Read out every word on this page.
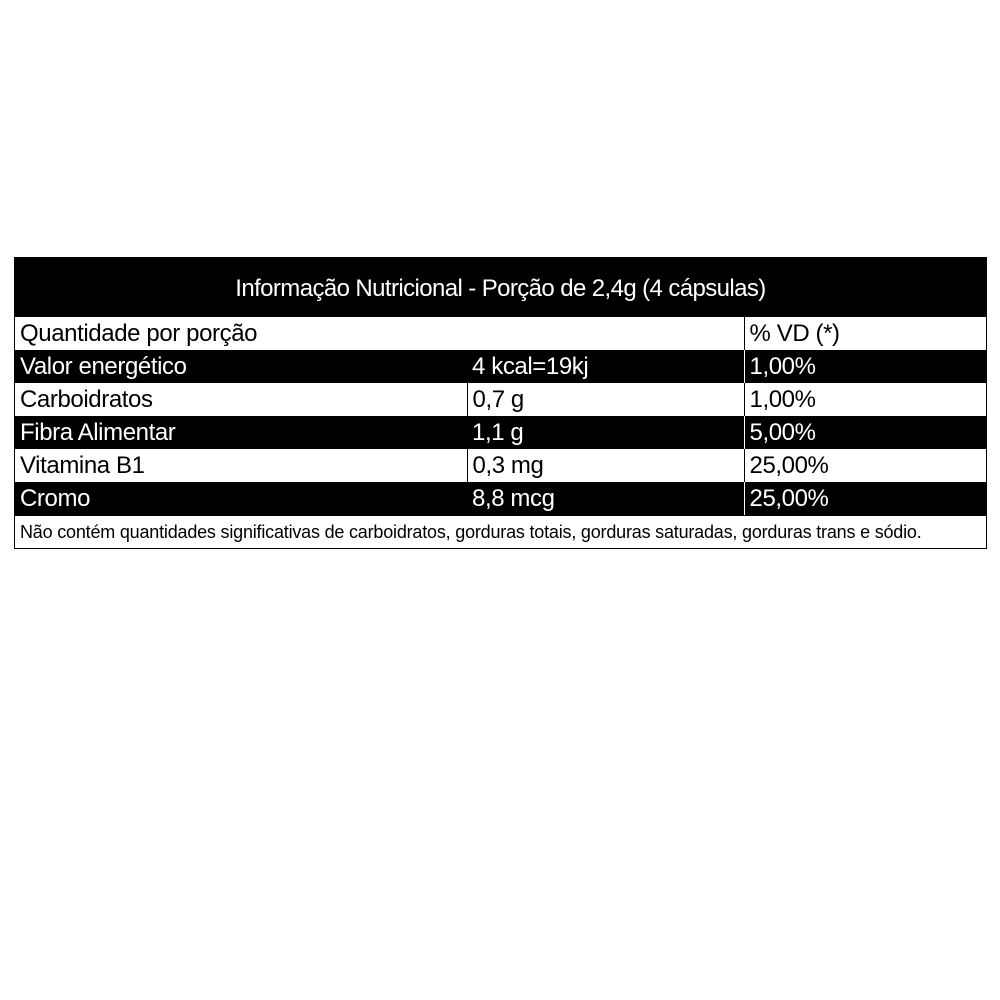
Informação Nutricional - Porção de 2,4g (4 cápsulas)
Quantidade por porção		% VD (*)
Valor energético	4 kcal=19kj	1,00%
Carboidratos	0,7 g	1,00%
Fibra Alimentar	1,1 g	5,00%
Vitamina B1	0,3 mg	25,00%
Cromo	8,8 mcg	25,00%
Não contém quantidades significativas de carboidratos, gorduras totais, gorduras saturadas, gorduras trans e sódio.
